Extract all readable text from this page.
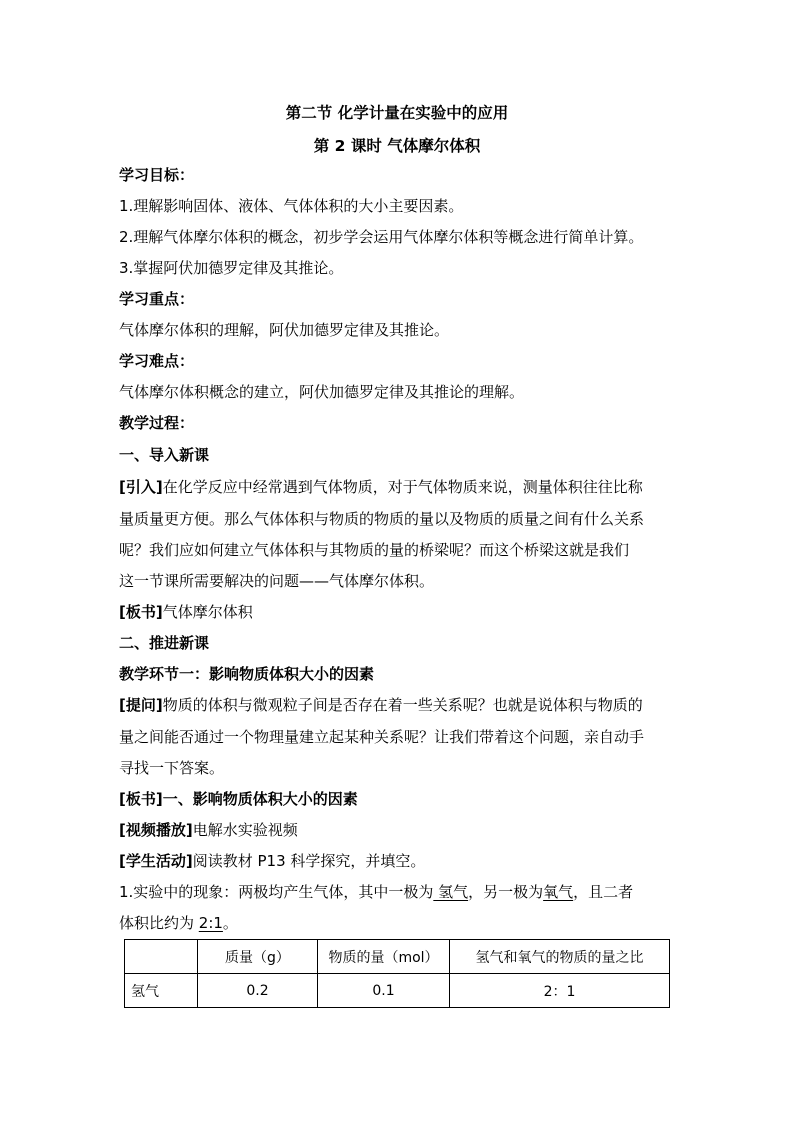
第二节 化学计量在实验中的应用
第 2 课时 气体摩尔体积
学习目标：
1.理解影响固体、液体、气体体积的大小主要因素。
2.理解气体摩尔体积的概念，初步学会运用气体摩尔体积等概念进行简单计算。
3.掌握阿伏加德罗定律及其推论。
学习重点：
气体摩尔体积的理解，阿伏加德罗定律及其推论。
学习难点：
气体摩尔体积概念的建立，阿伏加德罗定律及其推论的理解。
教学过程：
一、导入新课
[引入]在化学反应中经常遇到气体物质，对于气体物质来说，测量体积往往比称
量质量更方便。那么气体体积与物质的物质的量以及物质的质量之间有什么关系
呢？我们应如何建立气体体积与其物质的量的桥梁呢？而这个桥梁这就是我们
这一节课所需要解决的问题——气体摩尔体积。
[板书]气体摩尔体积
二、推进新课
教学环节一：影响物质体积大小的因素
[提问]物质的体积与微观粒子间是否存在着一些关系呢？也就是说体积与物质的
量之间能否通过一个物理量建立起某种关系呢？让我们带着这个问题，亲自动手
寻找一下答案。
[板书]一、影响物质体积大小的因素
[视频播放]电解水实验视频
[学生活动]阅读教材 P13 科学探究，并填空。
1.实验中的现象：两极均产生气体，其中一极为 氢气，另一极为氧气，且二者
体积比约为 2:1。
	质量（g）	物质的量（mol）	氢气和氧气的物质的量之比
氢气	0.2	0.1	2：1
